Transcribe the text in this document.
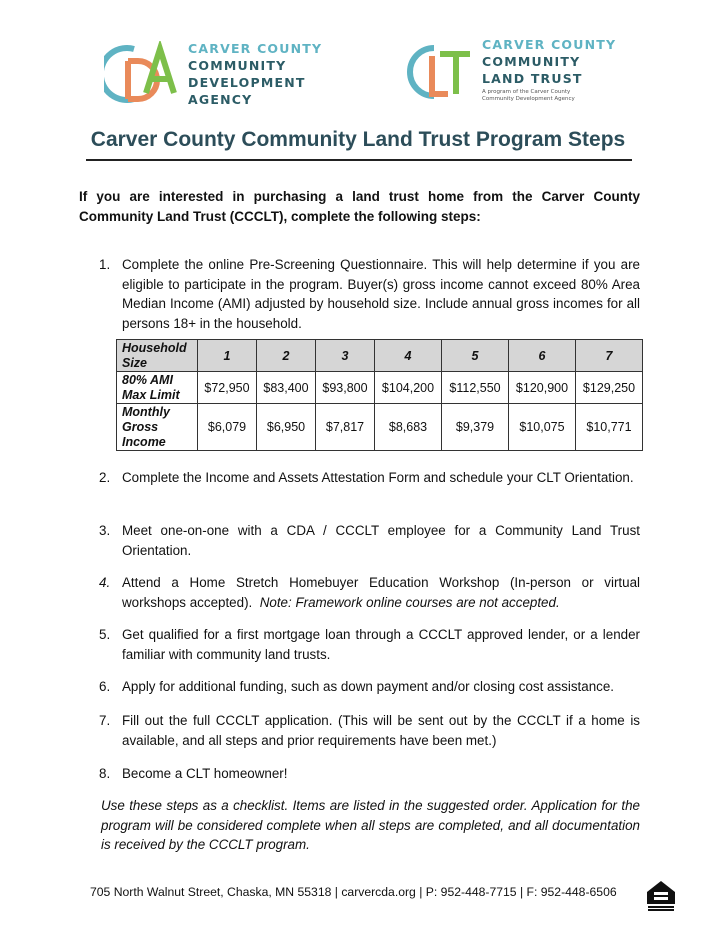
CARVER COUNTY
COMMUNITY
DEVELOPMENT
AGENCY
CARVER COUNTY
COMMUNITY
LAND TRUST
A program of the Carver County
Community Development Agency
Carver County Community Land Trust Program Steps
If you are interested in purchasing a land trust home from the Carver County Community Land Trust (CCCLT), complete the following steps:
1. Complete the online Pre-Screening Questionnaire. This will help determine if you are eligible to participate in the program. Buyer(s) gross income cannot exceed 80% Area Median Income (AMI) adjusted by household size. Include annual gross incomes for all persons 18+ in the household.
Household Size	1	2	3	4	5	6	7
80% AMI Max Limit	$72,950	$83,400	$93,800	$104,200	$112,550	$120,900	$129,250
Monthly Gross Income	$6,079	$6,950	$7,817	$8,683	$9,379	$10,075	$10,771
2. Complete the Income and Assets Attestation Form and schedule your CLT Orientation.
3. Meet one-on-one with a CDA / CCCLT employee for a Community Land Trust Orientation.
4. Attend a Home Stretch Homebuyer Education Workshop (In-person or virtual workshops accepted). Note: Framework online courses are not accepted.
5. Get qualified for a first mortgage loan through a CCCLT approved lender, or a lender familiar with community land trusts.
6. Apply for additional funding, such as down payment and/or closing cost assistance.
7. Fill out the full CCCLT application. (This will be sent out by the CCCLT if a home is available, and all steps and prior requirements have been met.)
8. Become a CLT homeowner!
Use these steps as a checklist. Items are listed in the suggested order. Application for the program will be considered complete when all steps are completed, and all documentation is received by the CCCLT program.
705 North Walnut Street, Chaska, MN 55318 | carvercda.org | P: 952-448-7715 | F: 952-448-6506
